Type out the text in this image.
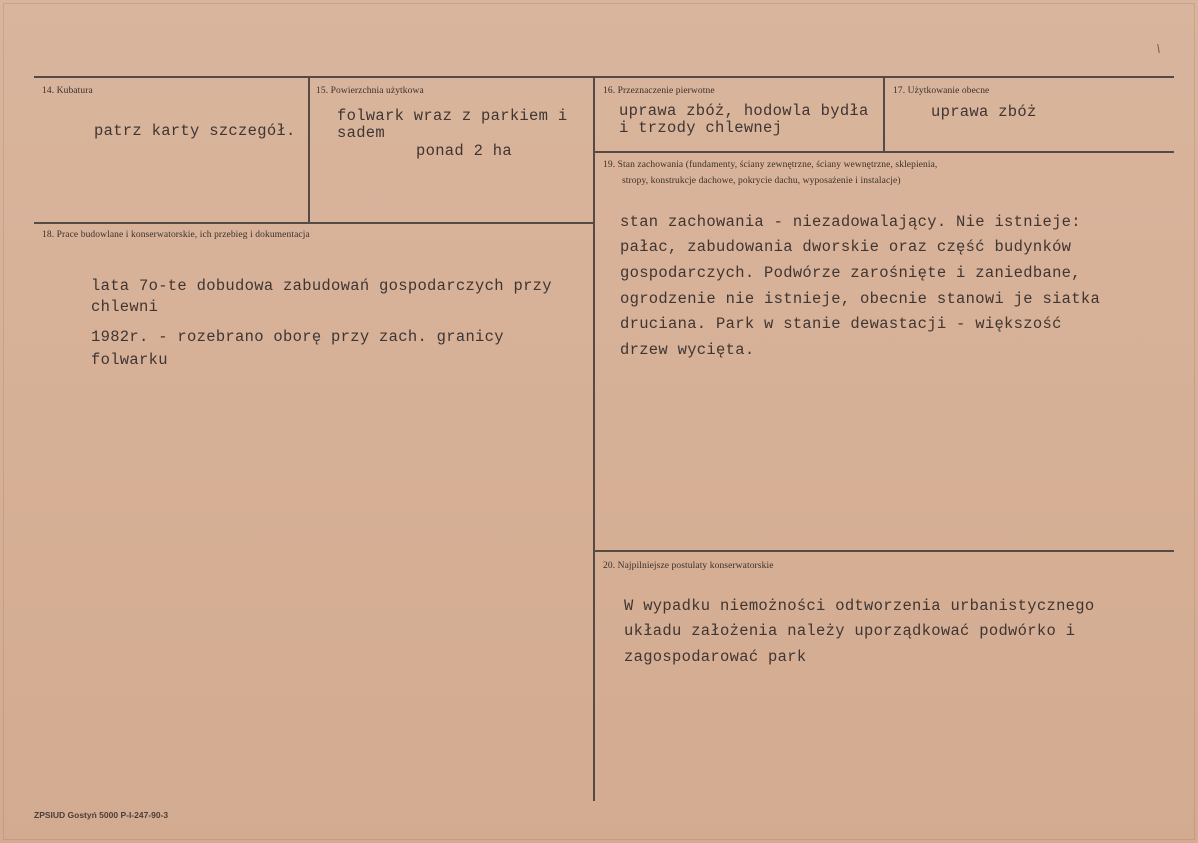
14. Kubatura
patrz karty szczegół.
15. Powierzchnia użytkowa
folwark wraz z parkiem i
sadem
ponad 2 ha
16. Przeznaczenie pierwotne
uprawa zbóż, hodowla bydła
i trzody chlewnej
17. Użytkowanie obecne
uprawa zbóż
18. Prace budowlane i konserwatorskie, ich przebieg i dokumentacja
lata 7o-te dobudowa zabudowań gospodarczych przy
chlewni
1982r. - rozebrano oborę przy zach. granicy
folwarku
19. Stan zachowania (fundamenty, ściany zewnętrzne, ściany wewnętrzne, sklepienia,
stropy, konstrukcje dachowe, pokrycie dachu, wyposażenie i instalacje)
stan zachowania - niezadowalający. Nie istnieje:
pałac, zabudowania dworskie oraz część budynków
gospodarczych. Podwórze zarośnięte i zaniedbane,
ogrodzenie nie istnieje, obecnie stanowi je siatka
druciana. Park w stanie dewastacji - większość
drzew wycięta.
20. Najpilniejsze postulaty konserwatorskie
W wypadku niemożności odtworzenia urbanistycznego
układu założenia należy uporządkować podwórko i
zagospodarować park
ZPSIUD Gostyń 5000 P-I-247-90-3
